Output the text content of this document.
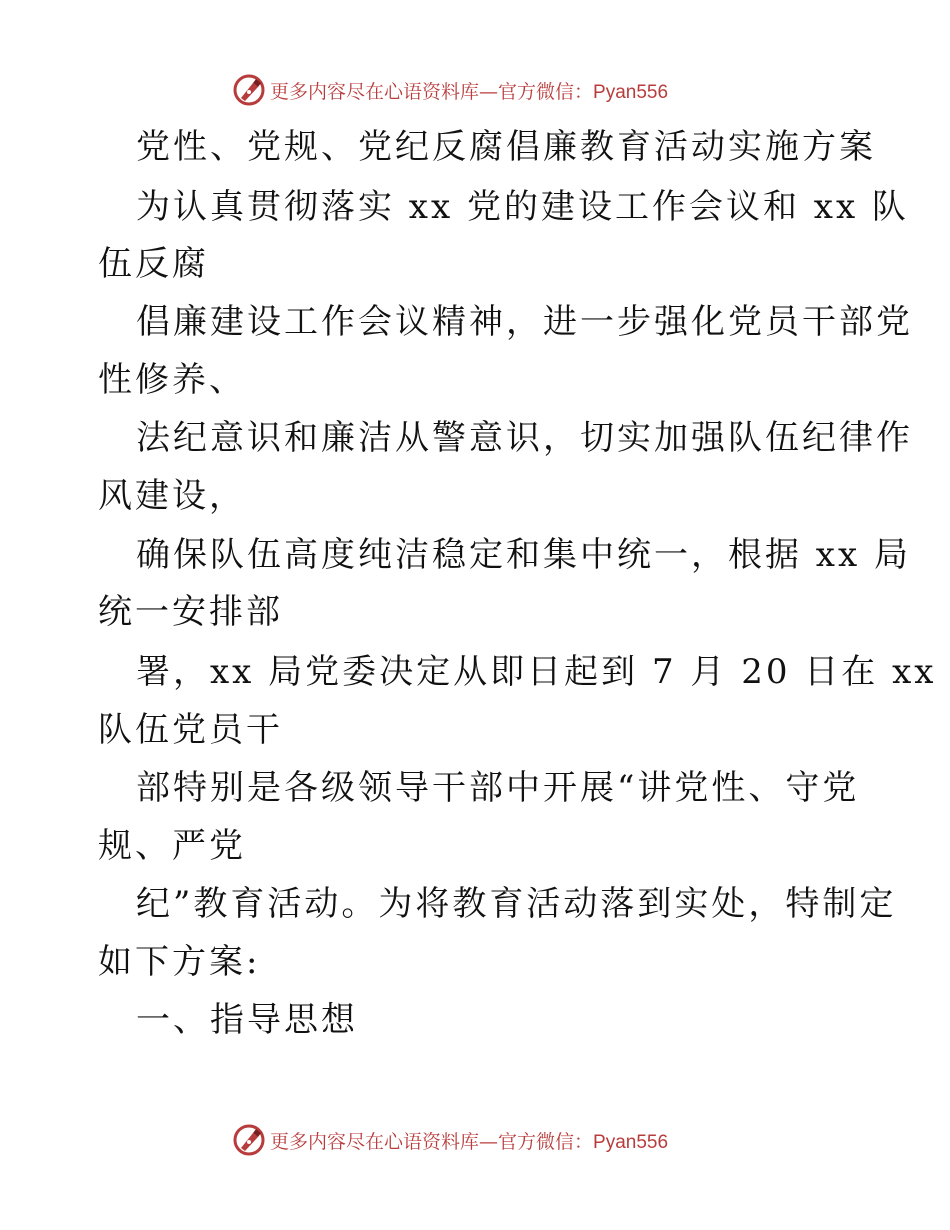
更多内容尽在心语资料库—官方微信：Pyan556
党性、党规、党纪反腐倡廉教育活动实施方案
为认真贯彻落实 xx 党的建设工作会议和 xx 队
伍反腐
倡廉建设工作会议精神，进一步强化党员干部党
性修养、
法纪意识和廉洁从警意识，切实加强队伍纪律作
风建设，
确保队伍高度纯洁稳定和集中统一，根据 xx 局
统一安排部
署，xx 局党委决定从即日起到 7 月 20 日在 xx
队伍党员干
部特别是各级领导干部中开展“讲党性、守党
规、严党
纪”教育活动。为将教育活动落到实处，特制定
如下方案:
一、指导思想
更多内容尽在心语资料库—官方微信：Pyan556
